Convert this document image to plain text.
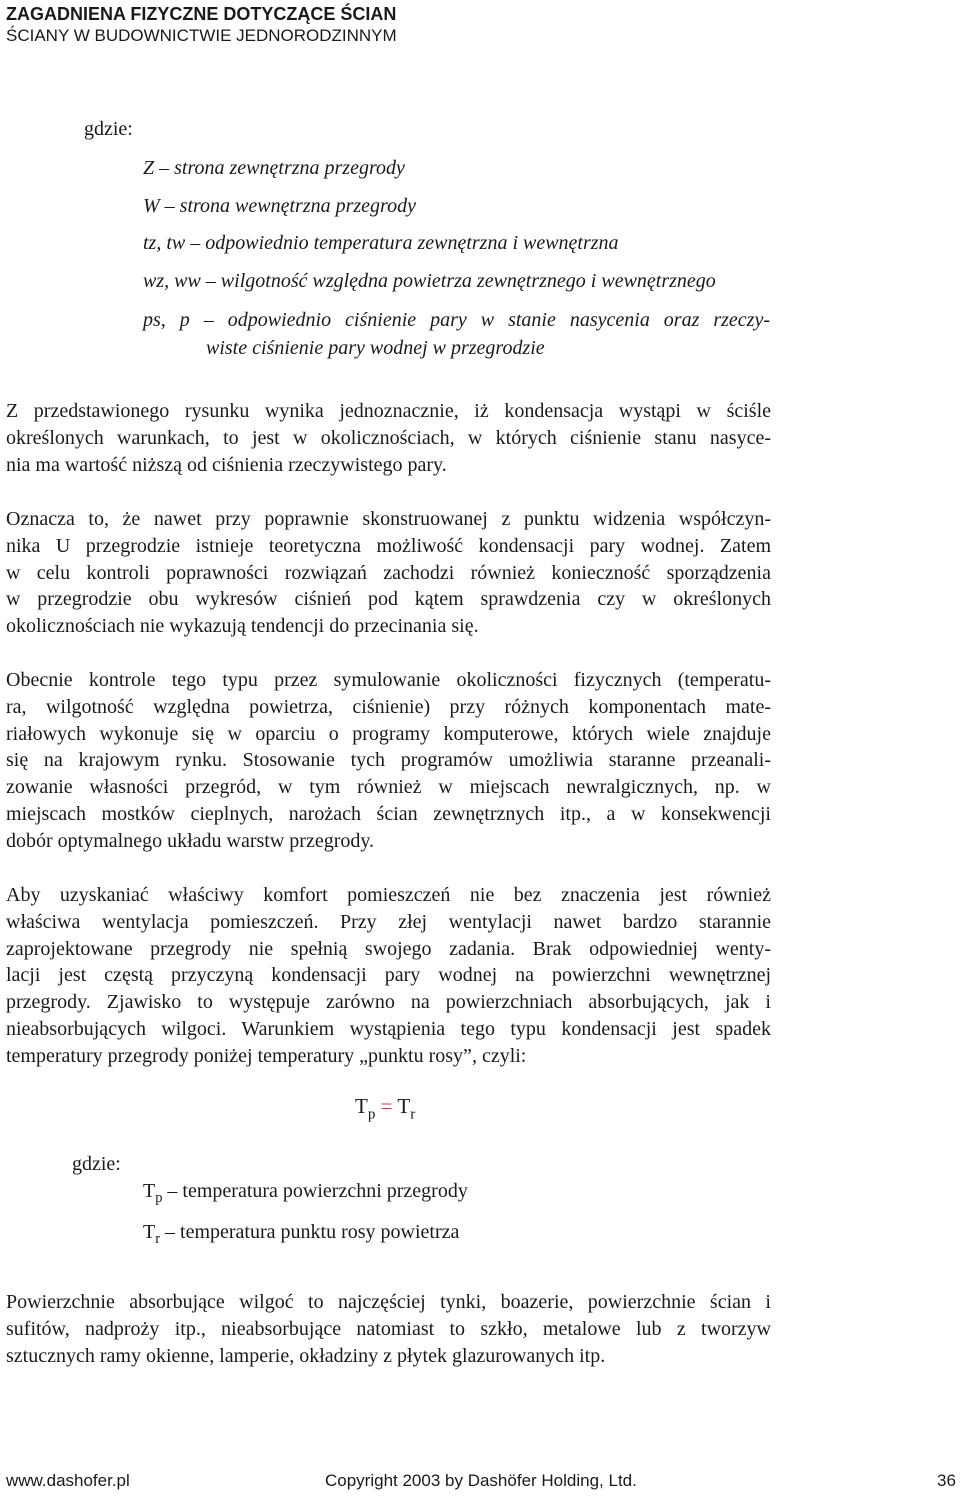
ZAGADNIENA FIZYCZNE DOTYCZĄCE ŚCIAN
ŚCIANY W BUDOWNICTWIE JEDNORODZINNYM
gdzie:
Z – strona zewnętrzna przegrody
W – strona wewnętrzna przegrody
tz, tw – odpowiednio temperatura zewnętrzna i wewnętrzna
wz, ww – wilgotność względna powietrza zewnętrznego i wewnętrznego
ps, p – odpowiednio ciśnienie pary w stanie nasycenia oraz rzeczy-
wiste ciśnienie pary wodnej w przegrodzie
Z przedstawionego rysunku wynika jednoznacznie, iż kondensacja wystąpi w ściśle
określonych warunkach, to jest w okolicznościach, w których ciśnienie stanu nasyce-
nia ma wartość niższą od ciśnienia rzeczywistego pary.
Oznacza to, że nawet przy poprawnie skonstruowanej z punktu widzenia współczyn-
nika U przegrodzie istnieje teoretyczna możliwość kondensacji pary wodnej. Zatem
w celu kontroli poprawności rozwiązań zachodzi również konieczność sporządzenia
w przegrodzie obu wykresów ciśnień pod kątem sprawdzenia czy w określonych
okolicznościach nie wykazują tendencji do przecinania się.
Obecnie kontrole tego typu przez symulowanie okoliczności fizycznych (temperatu-
ra, wilgotność względna powietrza, ciśnienie) przy różnych komponentach mate-
riałowych wykonuje się w oparciu o programy komputerowe, których wiele znajduje
się na krajowym rynku. Stosowanie tych programów umożliwia staranne przeanali-
zowanie własności przegród, w tym również w miejscach newralgicznych, np. w
miejscach mostków cieplnych, narożach ścian zewnętrznych itp., a w konsekwencji
dobór optymalnego układu warstw przegrody.
Aby uzyskaniać właściwy komfort pomieszczeń nie bez znaczenia jest również
właściwa wentylacja pomieszczeń. Przy złej wentylacji nawet bardzo starannie
zaprojektowane przegrody nie spełnią swojego zadania. Brak odpowiedniej wenty-
lacji jest częstą przyczyną kondensacji pary wodnej na powierzchni wewnętrznej
przegrody. Zjawisko to występuje zarówno na powierzchniach absorbujących, jak i
nieabsorbujących wilgoci. Warunkiem wystąpienia tego typu kondensacji jest spadek
temperatury przegrody poniżej temperatury „punktu rosy”, czyli:
$T_p = T_r$
gdzie:
$T_p$ – temperatura powierzchni przegrody
$T_r$ – temperatura punktu rosy powietrza
Powierzchnie absorbujące wilgoć to najczęściej tynki, boazerie, powierzchnie ścian i
sufitów, nadproży itp., nieabsorbujące natomiast to szkło, metalowe lub z tworzyw
sztucznych ramy okienne, lamperie, okładziny z płytek glazurowanych itp.
www.dashofer.pl	Copyright 2003 by Dashöfer Holding, Ltd.	36
